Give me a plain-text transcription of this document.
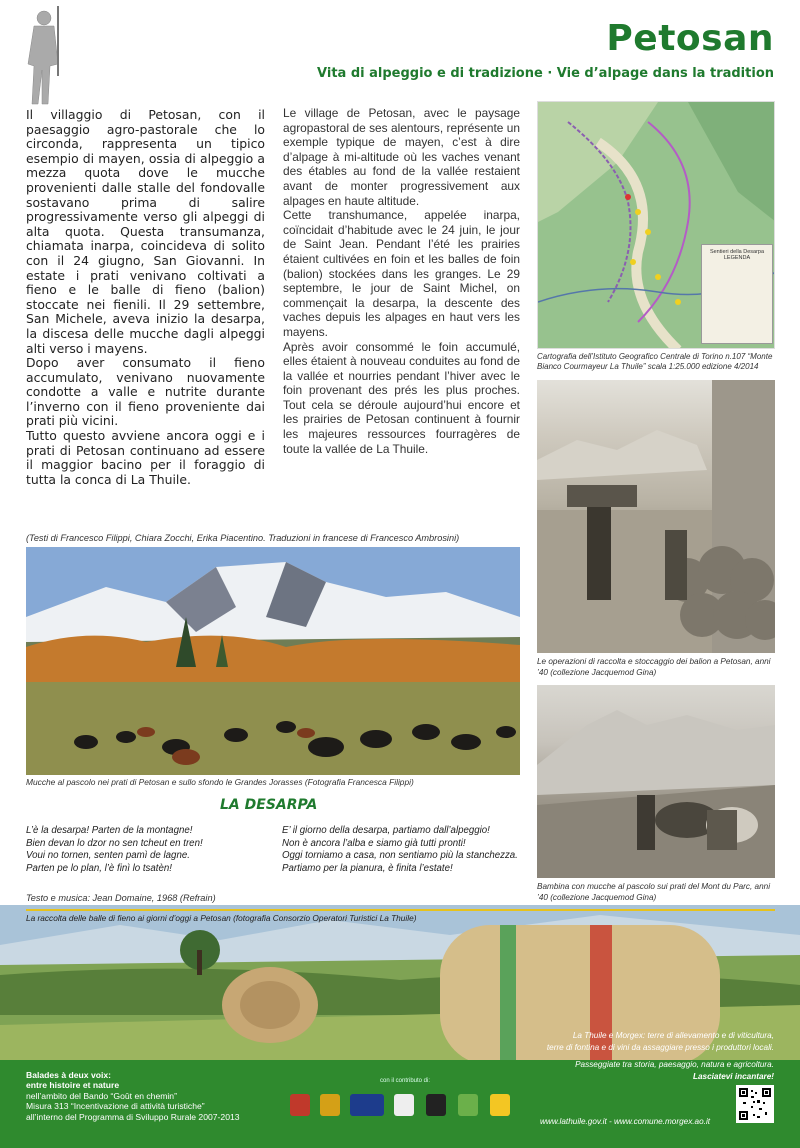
Petosan
Vita di alpeggio e di tradizione · Vie d’alpage dans la tradition

Il villaggio di Petosan, con il paesaggio agro-pastorale che lo circonda, rappresenta un tipico esempio di mayen, ossia di alpeggio a mezza quota dove le mucche provenienti dalle stalle del fondovalle sostavano prima di salire progressivamente verso gli alpeggi di alta quota. Questa transumanza, chiamata inarpa, coincideva di solito con il 24 giugno, San Giovanni. In estate i prati venivano coltivati a fieno e le balle di fieno (balion) stoccate nei fienili. Il 29 settembre, San Michele, aveva inizio la desarpa, la discesa delle mucche dagli alpeggi alti verso i mayens.

Dopo aver consumato il fieno accumulato, venivano nuovamente condotte a valle e nutrite durante l’inverno con il fieno proveniente dai prati più vicini.

Tutto questo avviene ancora oggi e i prati di Petosan continuano ad essere il maggior bacino per il foraggio di tutta la conca di La Thuile.

Le village de Petosan, avec le paysage agropastoral de ses alentours, représente un exemple typique de mayen, c’est à dire d’alpage à mi-altitude où les vaches venant des étables au fond de la vallée restaient avant de monter progressivement aux alpages en haute altitude.

Cette transhumance, appelée inarpa, coïncidait d’habitude avec le 24 juin, le jour de Saint Jean. Pendant l’été les prairies étaient cultivées en foin et les balles de foin (balion) stockées dans les granges. Le 29 septembre, le jour de Saint Michel, on commençait la desarpa, la descente des vaches depuis les alpages en haut vers les mayens.

Après avoir consommé le foin accumulé, elles étaient à nouveau conduites au fond de la vallée et nourries pendant l’hiver avec le foin provenant des prés les plus proches. Tout cela se déroule aujourd’hui encore et les prairies de Petosan continuent à fournir les majeures ressources fourragères de toute la vallée de La Thuile.

(Testi di Francesco Filippi, Chiara Zocchi, Erika Piacentino. Traduzioni in francese di Francesco Ambrosini)
Sentieri della Desarpa LEGENDA
Cartografia dell’Istituto Geografico Centrale di Torino n.107 “Monte Bianco Courmayeur La Thuile” scala 1:25.000 edizione 4/2014
Le operazioni di raccolta e stoccaggio dei balion a Petosan, anni ’40 (collezione Jacquemod Gina)
Bambina con mucche al pascolo sui prati del Mont du Parc, anni ’40 (collezione Jacquemod Gina)
Mucche al pascolo nei prati di Petosan e sullo sfondo le Grandes Jorasses (Fotografia Francesca Filippi)
LA DESARPA
L’è la desarpa! Parten de la montagne!
Bien devan lo dzor no sen tcheut en tren!
Voui no tornen, senten pamì de lagne.
Parten pe lo plan, l’è finì lo tsatèn!
E’ il giorno della desarpa, partiamo dall’alpeggio!
Non è ancora l’alba e siamo già tutti pronti!
Oggi torniamo a casa, non sentiamo più la stanchezza.
Partiamo per la pianura, è finita l’estate!
Testo e musica: Jean Domaine, 1968 (Refrain)
La raccolta delle balle di fieno ai giorni d’oggi a Petosan (fotografia Consorzio Operatori Turistici La Thuile)
La Thuile e Morgex: terre di allevamento e di viticultura,
terre di fontina e di vini da assaggiare presso i produttori locali.
Passeggiate tra storia, paesaggio, natura e agricoltura.
Lasciatevi incantare!
Balades à deux voix:
entre histoire et nature
nell’ambito del Bando “Goût en chemin”
Misura 313 “Incentivazione di attività turistiche”
all’interno del Programma di Sviluppo Rurale 2007-2013
con il contributo di:
www.lathuile.gov.it - www.comune.morgex.ao.it
